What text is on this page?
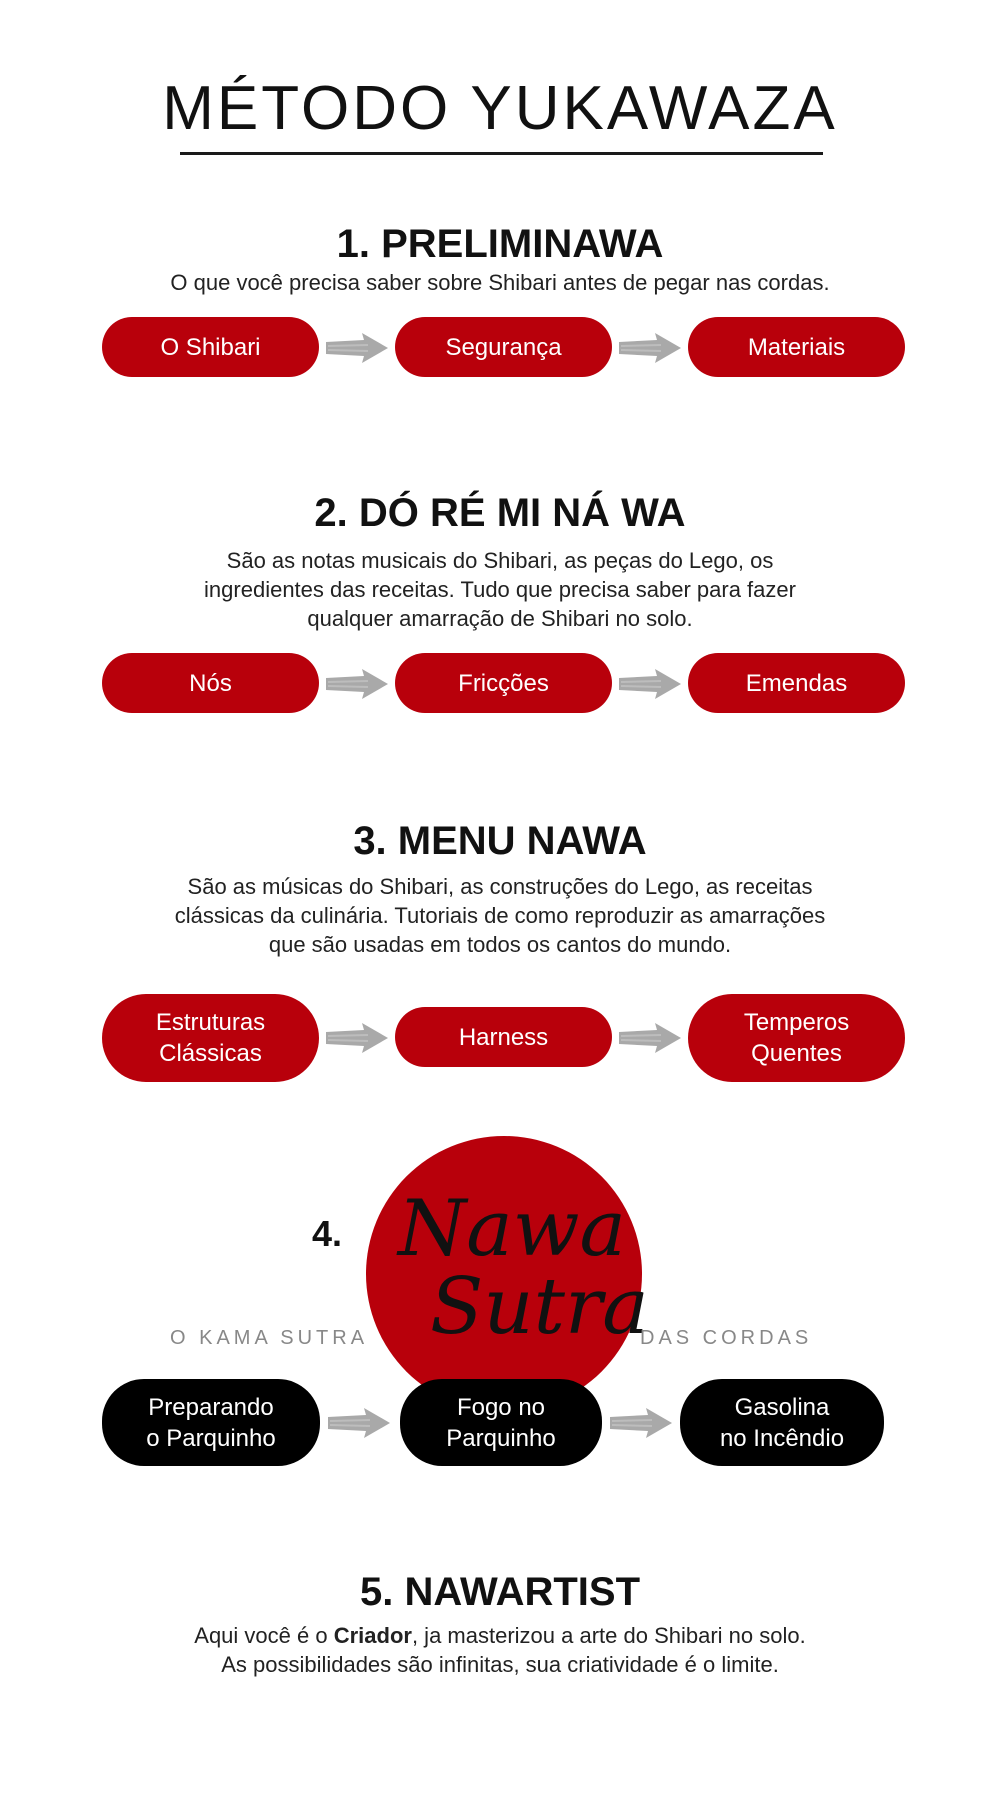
MÉTODO YUKAWAZA
1. PRELIMINAWA
O que você precisa saber sobre Shibari antes de pegar nas cordas.
O Shibari	Segurança	Materiais
2. DÓ RÉ MI NÁ WA
São as notas musicais do Shibari, as peças do Lego, os
ingredientes das receitas. Tudo que precisa saber para fazer
qualquer amarração de Shibari no solo.
Nós	Fricções	Emendas
3. MENU NAWA
São as músicas do Shibari, as construções do Lego, as receitas
clássicas da culinária. Tutoriais de como reproduzir as amarrações
que são usadas em todos os cantos do mundo.
Estruturas
Clássicas
Harness
Temperos
Quentes
4. Nawa
Sutra
O KAMA SUTRA	DAS CORDAS
Preparando
o Parquinho
Fogo no
Parquinho
Gasolina
no Incêndio
5. NAWARTIST
Aqui você é o Criador, ja masterizou a arte do Shibari no solo.
As possibilidades são infinitas, sua criatividade é o limite.
